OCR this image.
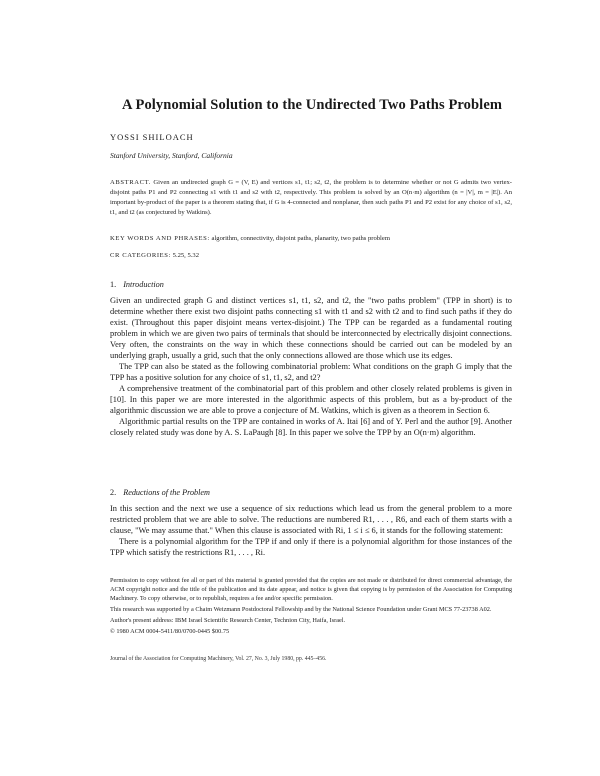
A Polynomial Solution to the Undirected Two Paths Problem
YOSSI SHILOACH
Stanford University, Stanford, California
ABSTRACT. Given an undirected graph G = (V, E) and vertices s1, t1; s2, t2, the problem is to determine whether or not G admits two vertex-disjoint paths P1 and P2 connecting s1 with t1 and s2 with t2, respectively. This problem is solved by an O(n·m) algorithm (n = |V|, m = |E|). An important by-product of the paper is a theorem stating that, if G is 4-connected and nonplanar, then such paths P1 and P2 exist for any choice of s1, s2, t1, and t2 (as conjectured by Watkins).
KEY WORDS AND PHRASES: algorithm, connectivity, disjoint paths, planarity, two paths problem
CR CATEGORIES: 5.25, 5.32
1. Introduction

Given an undirected graph G and distinct vertices s1, t1, s2, and t2, the "two paths problem" (TPP in short) is to determine whether there exist two disjoint paths connecting s1 with t1 and s2 with t2 and to find such paths if they do exist. (Throughout this paper disjoint means vertex-disjoint.) The TPP can be regarded as a fundamental routing problem in which we are given two pairs of terminals that should be interconnected by electrically disjoint connections. Very often, the constraints on the way in which these connections should be carried out can be modeled by an underlying graph, usually a grid, such that the only connections allowed are those which use its edges.

The TPP can also be stated as the following combinatorial problem: What conditions on the graph G imply that the TPP has a positive solution for any choice of s1, t1, s2, and t2?

A comprehensive treatment of the combinatorial part of this problem and other closely related problems is given in [10]. In this paper we are more interested in the algorithmic aspects of this problem, but as a by-product of the algorithmic discussion we are able to prove a conjecture of M. Watkins, which is given as a theorem in Section 6.

Algorithmic partial results on the TPP are contained in works of A. Itai [6] and of Y. Perl and the author [9]. Another closely related study was done by A. S. LaPaugh [8]. In this paper we solve the TPP by an O(n·m) algorithm.

2. Reductions of the Problem

In this section and the next we use a sequence of six reductions which lead us from the general problem to a more restricted problem that we are able to solve. The reductions are numbered R1, . . . , R6, and each of them starts with a clause, "We may assume that." When this clause is associated with Ri, 1 ≤ i ≤ 6, it stands for the following statement:

There is a polynomial algorithm for the TPP if and only if there is a polynomial algorithm for those instances of the TPP which satisfy the restrictions R1, . . . , Ri.

Permission to copy without fee all or part of this material is granted provided that the copies are not made or distributed for direct commercial advantage, the ACM copyright notice and the title of the publication and its date appear, and notice is given that copying is by permission of the Association for Computing Machinery. To copy otherwise, or to republish, requires a fee and/or specific permission.

This research was supported by a Chaim Weizmann Postdoctoral Fellowship and by the National Science Foundation under Grant MCS 77-23738 A02.

Author's present address: IBM Israel Scientific Research Center, Technion City, Haifa, Israel.

© 1980 ACM 0004-5411/80/0700-0445 $00.75

Journal of the Association for Computing Machinery, Vol. 27, No. 3, July 1980, pp. 445–456.
